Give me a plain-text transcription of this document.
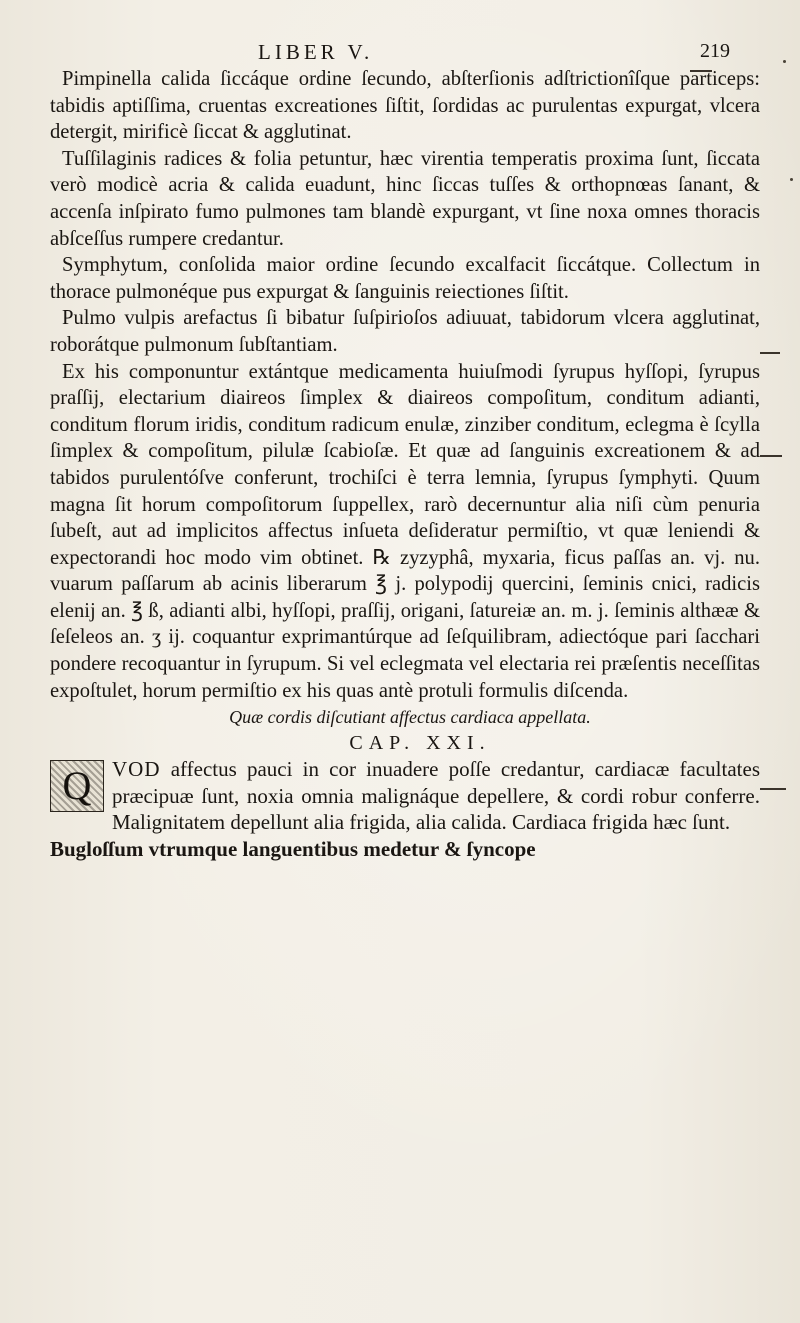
LIBER V.	219

Pimpinella calida ſiccáque ordine ſecundo, abſterſionis adſtrictionîſque particeps: tabidis aptiſſima, cruentas excreationes ſiſtit, ſordidas ac purulentas expurgat, vlcera detergit, mirificè ſiccat & agglutinat.

Tuſſilaginis radices & folia petuntur, hæc virentia temperatis proxima ſunt, ſiccata verò modicè acria & calida euadunt, hinc ſiccas tuſſes & orthopnœas ſanant, & accenſa inſpirato fumo pulmones tam blandè expurgant, vt ſine noxa omnes thoracis abſceſſus rumpere credantur.

Symphytum, conſolida maior ordine ſecundo excalfacit ſiccátque. Collectum in thorace pulmonéque pus expurgat & ſanguinis reiectiones ſiſtit.

Pulmo vulpis arefactus ſi bibatur ſuſpirioſos adiuuat, tabidorum vlcera agglutinat, roborátque pulmonum ſubſtantiam.

Ex his componuntur extántque medicamenta huiuſmodi ſyrupus hyſſopi, ſyrupus praſſij, electarium diaireos ſimplex & diaireos compoſitum, conditum adianti, conditum florum iridis, conditum radicum enulæ, zinziber conditum, eclegma è ſcylla ſimplex & compoſitum, pilulæ ſcabioſæ. Et quæ ad ſanguinis excreationem & ad tabidos purulentóſve conferunt, trochiſci è terra lemnia, ſyrupus ſymphyti. Quum magna ſit horum compoſitorum ſuppellex, rarò decernuntur alia niſi cùm penuria ſubeſt, aut ad implicitos affectus inſueta deſideratur permiſtio, vt quæ leniendi & expectorandi hoc modo vim obtinet. ℞ zyzyphâ, myxaria, ficus paſſas an. vj. nu. vuarum paſſarum ab acinis liberarum ℥ j. polypodij quercini, ſeminis cnici, radicis elenij an. ℥ ß, adianti albi, hyſſopi, praſſij, origani, ſatureiæ an. m. j. ſeminis althææ & ſeſeleos an. ʒ ij. coquantur exprimantúrque ad ſeſquilibram, adiectóque pari ſacchari pondere recoquantur in ſyrupum. Si vel eclegmata vel electaria rei præſentis neceſſitas expoſtulet, horum permiſtio ex his quas antè protuli formulis diſcenda.

Quæ cordis diſcutiant affectus cardiaca appellata.

CAP. XXI.

Q VOD affectus pauci in cor inuadere poſſe credantur, cardiacæ facultates præcipuæ ſunt, noxia omnia malignáque depellere, & cordi robur conferre. Malignitatem depellunt alia frigida, alia calida. Cardiaca frigida hæc ſunt.

Bugloſſum vtrumque languentibus medetur & ſyncope
